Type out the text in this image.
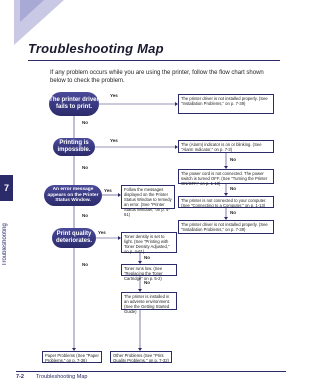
Troubleshooting Map
If any problem occurs while you are using the printer, follow the flow chart shown below to check the problem.
7
Troubleshooting
The printer driver fails to print.
Printing is impossible.
An error message appears on the Printer Status Window.
Print quality deteriorates.
Yes
No
Yes
No
Yes
No
Yes
No
No
No
No
No
No
The printer driver is not installed properly. (See "Installation Problems," on p. 7-39)
The (Alarm) indicator is on or blinking. (See "Alarm Indicator," on p. 7-3)
The power cord is not connected. The power switch is turned OFF. (See "Turning the Printer ON/OFF," on p. 1-10)
The printer is not connected to your computer. (See "Connecting to a Computer," on p. 1-13)
The printer driver is not installed properly. (See "Installation Problems," on p. 7-39)
Follow the messages displayed on the Printer Status Window to remedy an error. (See "Printer Status Window," on p. 4-61)
Toner density is set to light. (See "Printing with Toner Density Adjusted," on p. 4-61)
Toner runs low. (See "Replacing the Toner Cartridge" on p. 5-2)
The printer is installed in an adverse environment. (See the Getting Started Guide)
Paper Problems (See "Paper Problems," on p. 7-36)
Other Problems (See "Print Quality Problems," on p. 7-32)
7-2 Troubleshooting Map
